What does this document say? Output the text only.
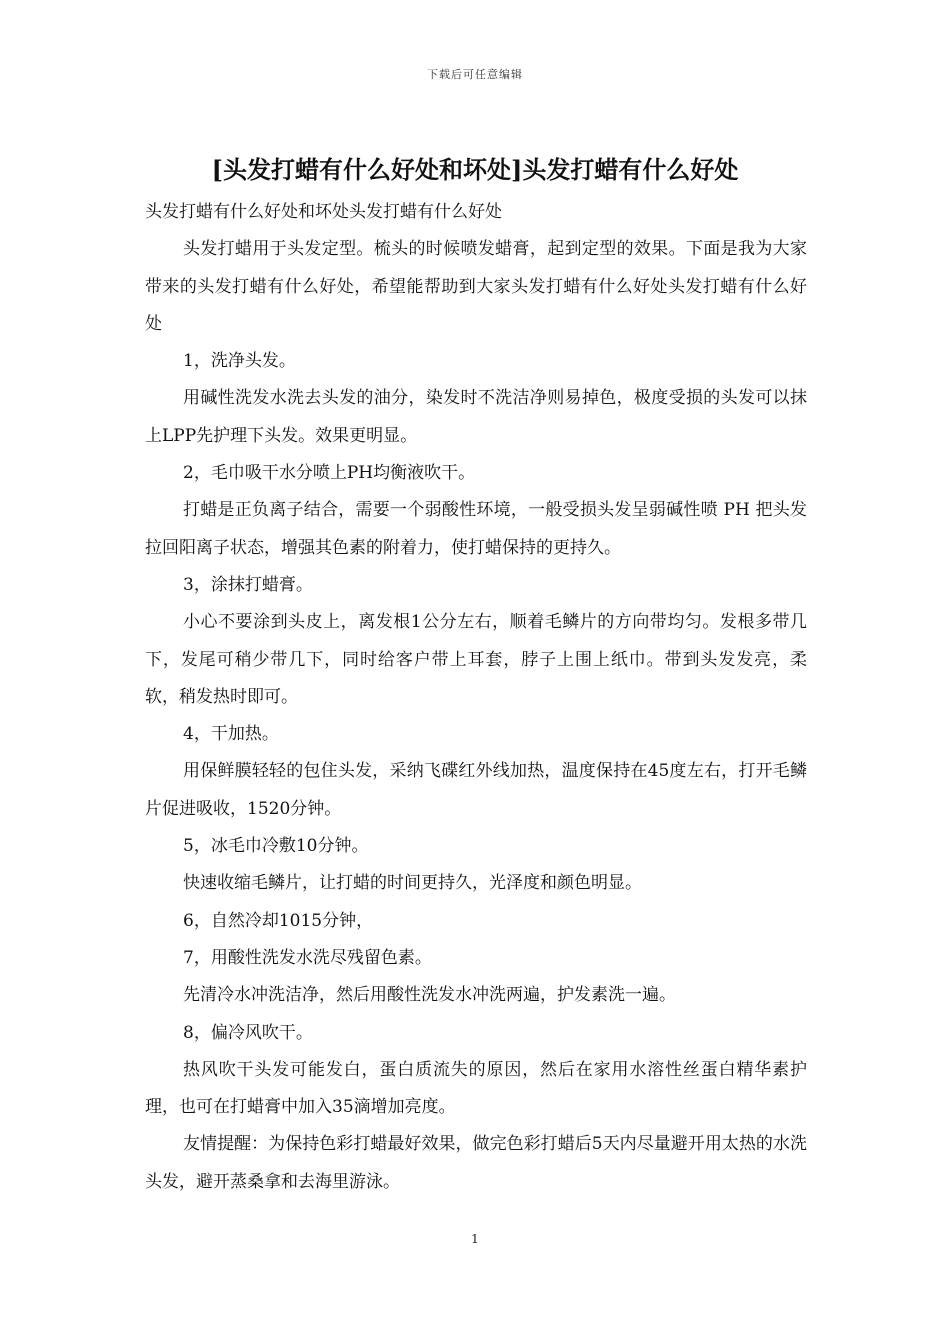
下载后可任意编辑
[头发打蜡有什么好处和坏处]头发打蜡有什么好处

头发打蜡有什么好处和坏处头发打蜡有什么好处

头发打蜡用于头发定型。梳头的时候喷发蜡膏，起到定型的效果。下面是我为大家带来的头发打蜡有什么好处，希望能帮助到大家头发打蜡有什么好处头发打蜡有什么好处

1，洗净头发。

用碱性洗发水洗去头发的油分，染发时不洗洁净则易掉色，极度受损的头发可以抹上LPP先护理下头发。效果更明显。

2，毛巾吸干水分喷上PH均衡液吹干。

打蜡是正负离子结合，需要一个弱酸性环境，一般受损头发呈弱碱性喷 PH 把头发拉回阳离子状态，增强其色素的附着力，使打蜡保持的更持久。

3，涂抹打蜡膏。

小心不要涂到头皮上，离发根1公分左右，顺着毛鳞片的方向带均匀。发根多带几下，发尾可稍少带几下，同时给客户带上耳套，脖子上围上纸巾。带到头发发亮，柔软，稍发热时即可。

4，干加热。

用保鲜膜轻轻的包住头发，采纳飞碟红外线加热，温度保持在45度左右，打开毛鳞片促进吸收，1520分钟。

5，冰毛巾冷敷10分钟。

快速收缩毛鳞片，让打蜡的时间更持久，光泽度和颜色明显。

6，自然冷却1015分钟，

7，用酸性洗发水洗尽残留色素。

先清冷水冲洗洁净，然后用酸性洗发水冲洗两遍，护发素洗一遍。

8，偏冷风吹干。

热风吹干头发可能发白，蛋白质流失的原因，然后在家用水溶性丝蛋白精华素护理，也可在打蜡膏中加入35滴增加亮度。

友情提醒：为保持色彩打蜡最好效果，做完色彩打蜡后5天内尽量避开用太热的水洗头发，避开蒸桑拿和去海里游泳。

1
